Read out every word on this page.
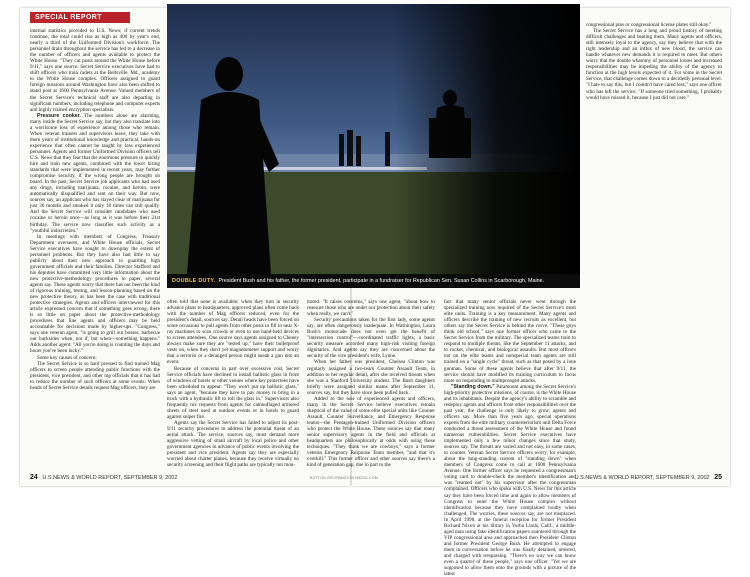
SPECIAL REPORT

internal statistics provided to U.S. News; if current trends continue, the total could rise as high as 400 by year's end, nearly a third of the Uniformed Division's workforce. The personnel drain throughout the service has led to a decrease in the number of officers and agents available to protect the White House. "They cut posts around the White House before 9/11," says one source. Secret Service executives have had to shift officers who train cadets at the Beltsville, Md., academy to the White House complex. Officers assigned to guard foreign missions around Washington have also been shifted to stand post at 1600 Pennsylvania Avenue. Valued members of the Secret Service's technical staff are also departing in significant numbers, including telephone and computer experts and highly trained encryption specialists.

Pressure cooker. The numbers alone are alarming, many inside the Secret Service say, but they also translate into a worrisome loss of experience among those who remain. When veteran trainers and supervisors leave, they take with them years of institutional knowledge and practical, hands-on experience that often cannot be taught by less experienced personnel. Agents and former Uniformed Division officers tell U.S. News that they fear that the enormous pressure to quickly hire and train new agents, combined with the lower hiring standards that were implemented in recent years, may further compromise security, if the wrong people are brought on board. In the past, Secret Service job applicants who had used any drugs, including marijuana, cocaine, and heroin, were automatically disqualified and sent on their way. But now, sources say, an applicant who has stayed clear of marijuana for just 36 months and smoked it only 10 times can still qualify. And the Secret Service will consider candidates who used cocaine or heroin once—as long as it was before their 21st birthday. The service now classifies such activity as a "youthful indiscretion."

In meetings with members of Congress, Treasury Department overseers, and White House officials, Secret Service executives have sought to downplay the extent of personnel problems. But they have also had little to say publicly about their new approach to guarding high government officials and their families. Director Stafford and his deputies have committed very little information about the new protective-methodology procedures to paper, several agents say. These agents worry that there has not been the kind of rigorous training, testing, and lesson-planning based on the new protective theory, as has been the case with traditional protective strategies. Agents and officers interviewed for this article expressed concern that if something goes wrong, there is so little on paper about the protective-methodology procedures that line agents and officers may be held accountable for decisions made by higher-ups. "Congress," says one veteran agent, "is going to grill our bosses, barbecue our backsides when, not if, but when—something happens." Adds another agent: "All you're doing is counting the days and hours you've been lucky."

Some key causes of concern:

The Secret Service is so hard pressed to find trained Mag officers to screen people attending public functions with the president, vice president, and other top officials that it has had to reduce the number of such officers at some events. When heads of Secret Service details request Mag officers, they are

DOUBLE DUTY. President Bush and his father, the former president, participate in a fundraiser for Republican Sen. Susan Collins in Scarborough, Maine.

often told that none is available; when they turn in security advance plans to headquarters, approved plans often come back with the number of Mag officers reduced, even for the president's detail, sources say. Detail heads have been forced on some occasions to pull agents from other posts to fill in near X-ray machines to scan crowds or even to use hand-held devices to screen attendees. One source says agents assigned to Cheney always make sure they are "tested up," have their bulletproof vests on, when they don't yet magnetometer support and worry that a terrorist or a deranged person might sneak a gun into an event.

Because of concerns in part over excessive cost, Secret Service officials have declined to install ballistic glass in front of windows of hotels or other venues where key protectees have been scheduled to appear. "They won't put up ballistic glass," says an agent, "because they have to pay money to bring in a truck with a hydraulic lift to roll the glass in." Supervisors also frequently nix requests from agents for camouflaged armored sheets of steel used at outdoor events or in hotels to guard against sniper fire.

Agents say the Secret Service has failed to adjust its post-9/11 security procedures to address the potential threat of an aerial attack. The service, sources say, must demand more aggressive vetting of small aircraft by local police and other government agencies in advance of public events involving the president and vice president. Agents say they are especially worried about charter planes, because they receive virtually no security screening and their flight paths are typically not mon-

itored. "It raises concerns," says one agent, "about how to reassure those who are under our protection about their safety when really, we can't."

Security precautions taken for the first lady, some agents say, are often dangerously inadequate. In Washington, Laura Bush's motorcade does not even get the benefit of "intersection control"—coordinated traffic lights, a basic security measure accorded many high-risk visiting foreign dignitaries. And agents say they are concerned about the security of the vice president's wife, Lynne.

When her father was president, Chelsea Clinton was regularly assigned a two-team Counter Assault Team, in addition to her regular detail, after she received threats when she was a Stanford University student. The Bush daughters briefly were assigned similar teams after September 11, sources say, but they have since been pulled back.

Added to the loss of experienced agents and officers, many in the Secret Service believe executives remain skeptical of the value of some elite special units like Counter Assault, Counter Surveillance, and Emergency Response teams—the Pentagon-trained Uniformed Division officers who protect the White House. These sources say that many senior supervisory agents in the field and officials at headquarters are philosophically at odds with using these techniques. "They think we are cowboys," says a former veteran Emergency Response Team member, "and that it's overkill." This former officer and other sources say there's a kind of generation gap, due in part to the

fact that many senior officials never went through the specialized training now required of the Secret Service's most elite units. Training is a key measurement. Many agents and officers describe the training of new recruits as excellent, but others say the Secret Service is behind the curve. "These guys think old school," says one former officer who came to the Secret Service from the military. The specialized teams train to respond to multiple threats, like the September 11 attacks, and to rocket, chemical, and biological assaults. But most officers not on the elite teams and nonspecial team agents are still trained on a "single cycle" threat, such as that posed by a lone gunman. Some of these agents believe that after 9/11, the service should have modified its training curriculum to focus more on responding to multipronged attacks.

"Standing down." Paramount among the Secret Service's high-priority protective missions, of course, is the White House and its inhabitants. Despite the agency's ability to scramble and redeploy agents and officers from other responsibilities over the past year, the challenge is only likely to grow, agents and officers say. More than five years ago, special operations experts from the elite military counterterrorism unit Delta Force conducted a threat assessment of the White House and found numerous vulnerabilities. Secret Service executives have implemented only a few minor changes since that study, sources say. The threats are varied and not easy, in some cases, to counter. Veteran Secret Service officers worry, for example, about the long-standing custom of "standing down" when members of Congress come to call at 1600 Pennsylvania Avenue. One former officer says he requested a congressman's voting card to double-check the member's identification and was "reamed out" by his supervisor after the congressman complained. Officers who spoke with U.S. News for this article say they have been forced time and again to allow members of Congress to enter the White House complex without identification because they have complained loudly when challenged. The worries, these sources say, are not misplaced. In April 1998, at the funeral reception for former President Richard Nixon at his library in Yorba Linda, Calif., a middle-aged man using fake identification papers sauntered through the VIP congressional area and approached then President Clinton and former President George Bush. He attempted to engage them in conversation before he was finally detained, arrested, and charged with trespassing. "There's no way we can know even a quarter of these people," says one officer. "Yet we are supposed to allow them onto the grounds with a picture of the latest

congressional pins or congressional license plates still okay."

The Secret Service has a long and proud history of meeting difficult challenges and beating them. Many agents and officers, still intensely loyal to the agency, say they believe that with the right leadership and an influx of new blood, the service can handle whatever new demands it is required to meet. But others worry that the double whammy of personnel losses and increased responsibilities may be impeding the ability of the agency to function at the high levels expected of it. For some in the Secret Service, that challenge comes down to a decidedly personal level. "I hate to say this, but I couldn't have cared less," says one officer who has left the service. "If someone tried something, I probably would have missed it, because I just did not care."

24 U.S.NEWS & WORLD REPORT, SEPTEMBER 9, 2002	BUTTON INFORMATION MEDIA.COM	U.S.NEWS & WORLD REPORT, SEPTEMBER 9, 2002 25
